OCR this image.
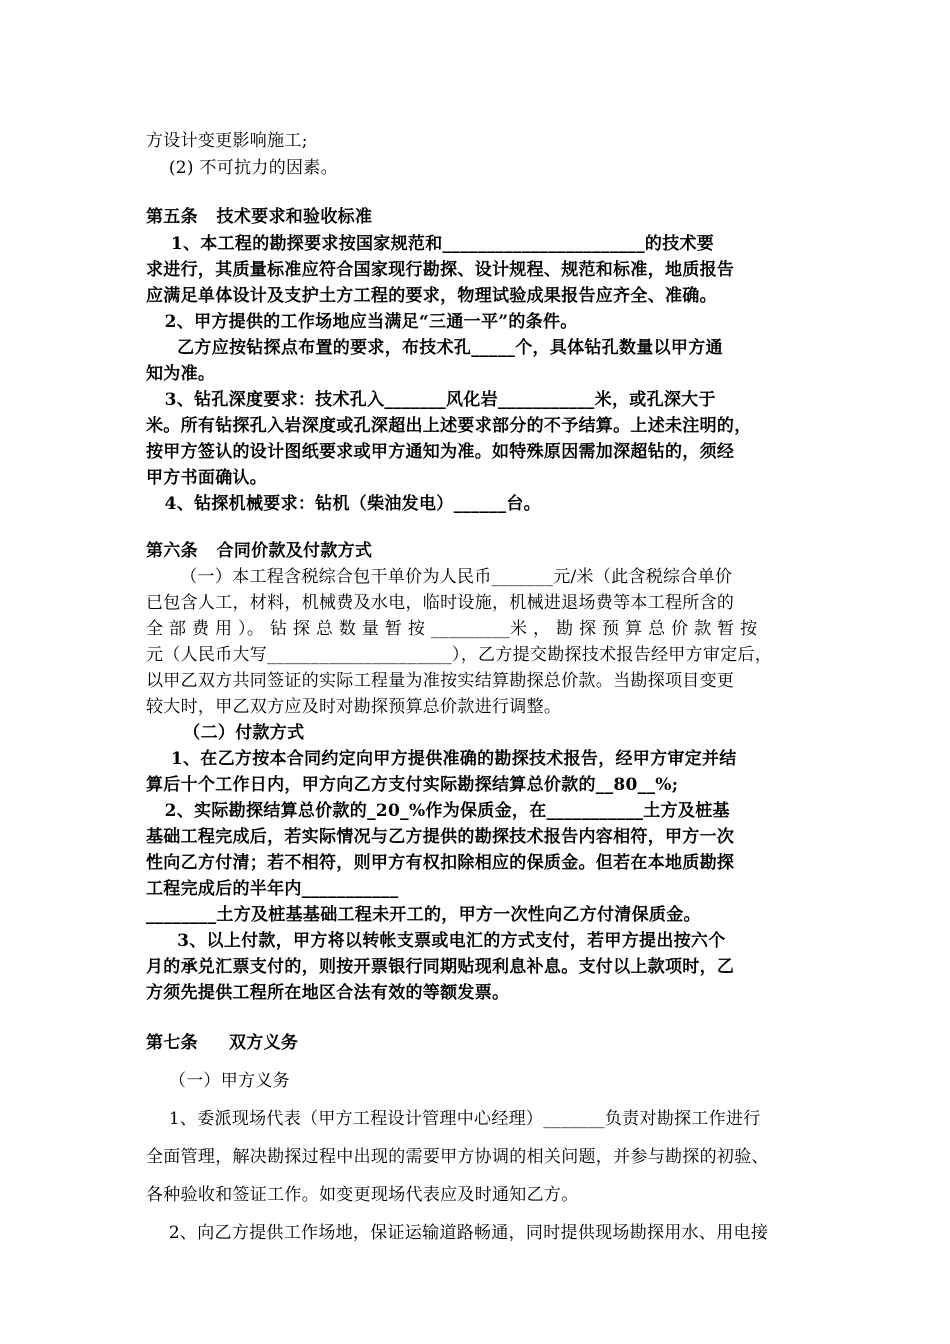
方设计变更影响施工;
(2) 不可抗力的因素。
第五条   技术要求和验收标准
1、本工程的勘探要求按国家规范和_______________________的技术要
求进行，其质量标准应符合国家现行勘探、设计规程、规范和标准，地质报告
应满足单体设计及支护土方工程的要求，物理试验成果报告应齐全、准确。
2、甲方提供的工作场地应当满足“三通一平”的条件。
乙方应按钻探点布置的要求，布技术孔_____个，具体钻孔数量以甲方通
知为准。
3、钻孔深度要求：技术孔入_______风化岩___________米，或孔深大于
米。所有钻探孔入岩深度或孔深超出上述要求部分的不予结算。上述未注明的，
按甲方签认的设计图纸要求或甲方通知为准。如特殊原因需加深超钻的，须经
甲方书面确认。
4、钻探机械要求：钻机（柴油发电）______台。
第六条   合同价款及付款方式
（一）本工程含税综合包干单价为人民币_______元/米（此含税综合单价
已包含人工，材料，机械费及水电，临时设施，机械进退场费等本工程所含的
全 部 费 用 ）。 钻 探 总 数 量 暂 按 _________米 ， 勘 探 预 算 总 价 款 暂 按
元（人民币大写_____________________），乙方提交勘探技术报告经甲方审定后，
以甲乙双方共同签证的实际工程量为准按实结算勘探总价款。当勘探项目变更
较大时，甲乙双方应及时对勘探预算总价款进行调整。
（二）付款方式
1、在乙方按本合同约定向甲方提供准确的勘探技术报告，经甲方审定并结
算后十个工作日内，甲方向乙方支付实际勘探结算总价款的__80__%;
2、实际勘探结算总价款的_20_%作为保质金，在___________土方及桩基
基础工程完成后，若实际情况与乙方提供的勘探技术报告内容相符，甲方一次
性向乙方付清；若不相符，则甲方有权扣除相应的保质金。但若在本地质勘探
工程完成后的半年内___________
________土方及桩基基础工程未开工的，甲方一次性向乙方付清保质金。
3、以上付款，甲方将以转帐支票或电汇的方式支付，若甲方提出按六个
月的承兑汇票支付的，则按开票银行同期贴现利息补息。支付以上款项时，乙
方须先提供工程所在地区合法有效的等额发票。
第七条     双方义务
（一）甲方义务
1、委派现场代表（甲方工程设计管理中心经理）_______负责对勘探工作进行
全面管理，解决勘探过程中出现的需要甲方协调的相关问题，并参与勘探的初验、
各种验收和签证工作。如变更现场代表应及时通知乙方。
2、向乙方提供工作场地，保证运输道路畅通，同时提供现场勘探用水、用电接
